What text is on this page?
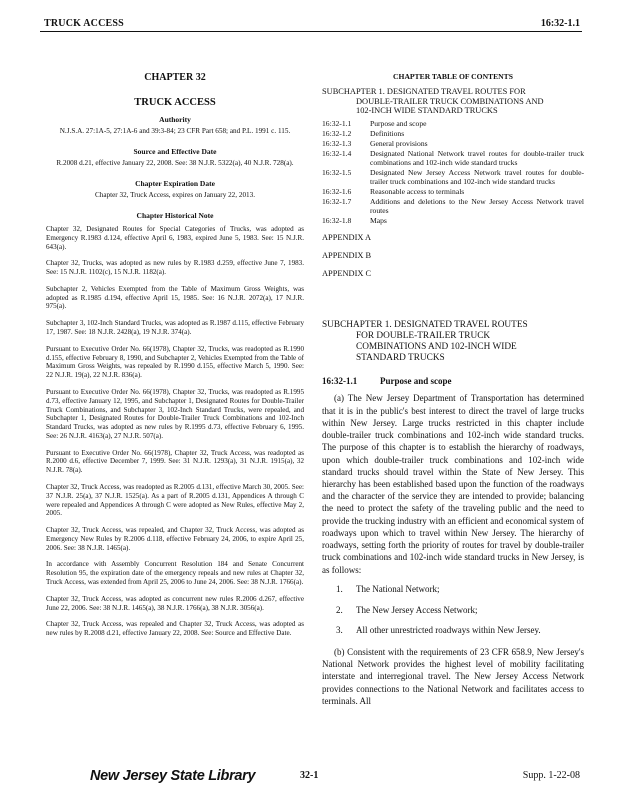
TRUCK ACCESS	16:32-1.1
CHAPTER 32
TRUCK ACCESS
Authority
N.J.S.A. 27:1A-5, 27:1A-6 and 39:3-84; 23 CFR Part 658; and P.L. 1991 c. 115.
Source and Effective Date
R.2008 d.21, effective January 22, 2008. See: 38 N.J.R. 5322(a), 40 N.J.R. 728(a).
Chapter Expiration Date
Chapter 32, Truck Access, expires on January 22, 2013.
Chapter Historical Note
Chapter 32, Designated Routes for Special Categories of Trucks, was adopted as Emergency R.1983 d.124, effective April 6, 1983, expired June 5, 1983. See: 15 N.J.R. 643(a).
Chapter 32, Trucks, was adopted as new rules by R.1983 d.259, effective June 7, 1983. See: 15 N.J.R. 1102(c), 15 N.J.R. 1182(a).
Subchapter 2, Vehicles Exempted from the Table of Maximum Gross Weights, was adopted as R.1985 d.194, effective April 15, 1985. See: 16 N.J.R. 2072(a), 17 N.J.R. 975(a).
Subchapter 3, 102-Inch Standard Trucks, was adopted as R.1987 d.115, effective February 17, 1987. See: 18 N.J.R. 2428(a), 19 N.J.R. 374(a).
Pursuant to Executive Order No. 66(1978), Chapter 32, Trucks, was readopted as R.1990 d.155, effective February 8, 1990, and Subchapter 2, Vehicles Exempted from the Table of Maximum Gross Weights, was repealed by R.1990 d.155, effective March 5, 1990. See: 22 N.J.R. 19(a), 22 N.J.R. 836(a).
Pursuant to Executive Order No. 66(1978), Chapter 32, Trucks, was readopted as R.1995 d.73, effective January 12, 1995, and Subchapter 1, Designated Routes for Double-Trailer Truck Combinations, and Subchapter 3, 102-Inch Standard Trucks, were repealed, and Subchapter 1, Designated Routes for Double-Trailer Truck Combinations and 102-Inch Standard Trucks, was adopted as new rules by R.1995 d.73, effective February 6, 1995. See: 26 N.J.R. 4163(a), 27 N.J.R. 507(a).
Pursuant to Executive Order No. 66(1978), Chapter 32, Truck Access, was readopted as R.2000 d.6, effective December 7, 1999. See: 31 N.J.R. 1293(a), 31 N.J.R. 1915(a), 32 N.J.R. 78(a).
Chapter 32, Truck Access, was readopted as R.2005 d.131, effective March 30, 2005. See: 37 N.J.R. 25(a), 37 N.J.R. 1525(a). As a part of R.2005 d.131, Appendices A through C were repealed and Appendices A through C were adopted as New Rules, effective May 2, 2005.
Chapter 32, Truck Access, was repealed, and Chapter 32, Truck Access, was adopted as Emergency New Rules by R.2006 d.118, effective February 24, 2006, to expire April 25, 2006. See: 38 N.J.R. 1465(a).
In accordance with Assembly Concurrent Resolution 184 and Senate Concurrent Resolution 95, the expiration date of the emergency repeals and new rules at Chapter 32, Truck Access, was extended from April 25, 2006 to June 24, 2006. See: 38 N.J.R. 1766(a).
Chapter 32, Truck Access, was adopted as concurrent new rules R.2006 d.267, effective June 22, 2006. See: 38 N.J.R. 1465(a), 38 N.J.R. 1766(a), 38 N.J.R. 3056(a).
Chapter 32, Truck Access, was repealed and Chapter 32, Truck Access, was adopted as new rules by R.2008 d.21, effective January 22, 2008. See: Source and Effective Date.
CHAPTER TABLE OF CONTENTS
SUBCHAPTER 1. DESIGNATED TRAVEL ROUTES FOR
DOUBLE-TRAILER TRUCK COMBINATIONS AND
102-INCH WIDE STANDARD TRUCKS
16:32-1.1	Purpose and scope
16:32-1.2	Definitions
16:32-1.3	General provisions
16:32-1.4	Designated National Network travel routes for double-trailer truck combinations and 102-inch wide standard trucks
16:32-1.5	Designated New Jersey Access Network travel routes for double-trailer truck combinations and 102-inch wide standard trucks
16:32-1.6	Reasonable access to terminals
16:32-1.7	Additions and deletions to the New Jersey Access Network travel routes
16:32-1.8	Maps
APPENDIX A
APPENDIX B
APPENDIX C
SUBCHAPTER 1. DESIGNATED TRAVEL ROUTES
FOR DOUBLE-TRAILER TRUCK
COMBINATIONS AND 102-INCH WIDE
STANDARD TRUCKS
16:32-1.1	Purpose and scope

(a) The New Jersey Department of Transportation has determined that it is in the public's best interest to direct the travel of large trucks within New Jersey. Large trucks restricted in this chapter include double-trailer truck combinations and 102-inch wide standard trucks. The purpose of this chapter is to establish the hierarchy of roadways, upon which double-trailer truck combinations and 102-inch wide standard trucks should travel within the State of New Jersey. This hierarchy has been established based upon the function of the roadways and the character of the service they are intended to provide; balancing the need to protect the safety of the traveling public and the need to provide the trucking industry with an efficient and economical system of roadways upon which to travel within New Jersey. The hierarchy of roadways, setting forth the priority of routes for travel by double-trailer truck combinations and 102-inch wide standard trucks in New Jersey, is as follows:

1. The National Network;
2. The New Jersey Access Network;
3. All other unrestricted roadways within New Jersey.

(b) Consistent with the requirements of 23 CFR 658.9, New Jersey's National Network provides the highest level of mobility facilitating interstate and interregional travel. The New Jersey Access Network provides connections to the National Network and facilitates access to terminals. All

New Jersey State Library	32-1	Supp. 1-22-08
